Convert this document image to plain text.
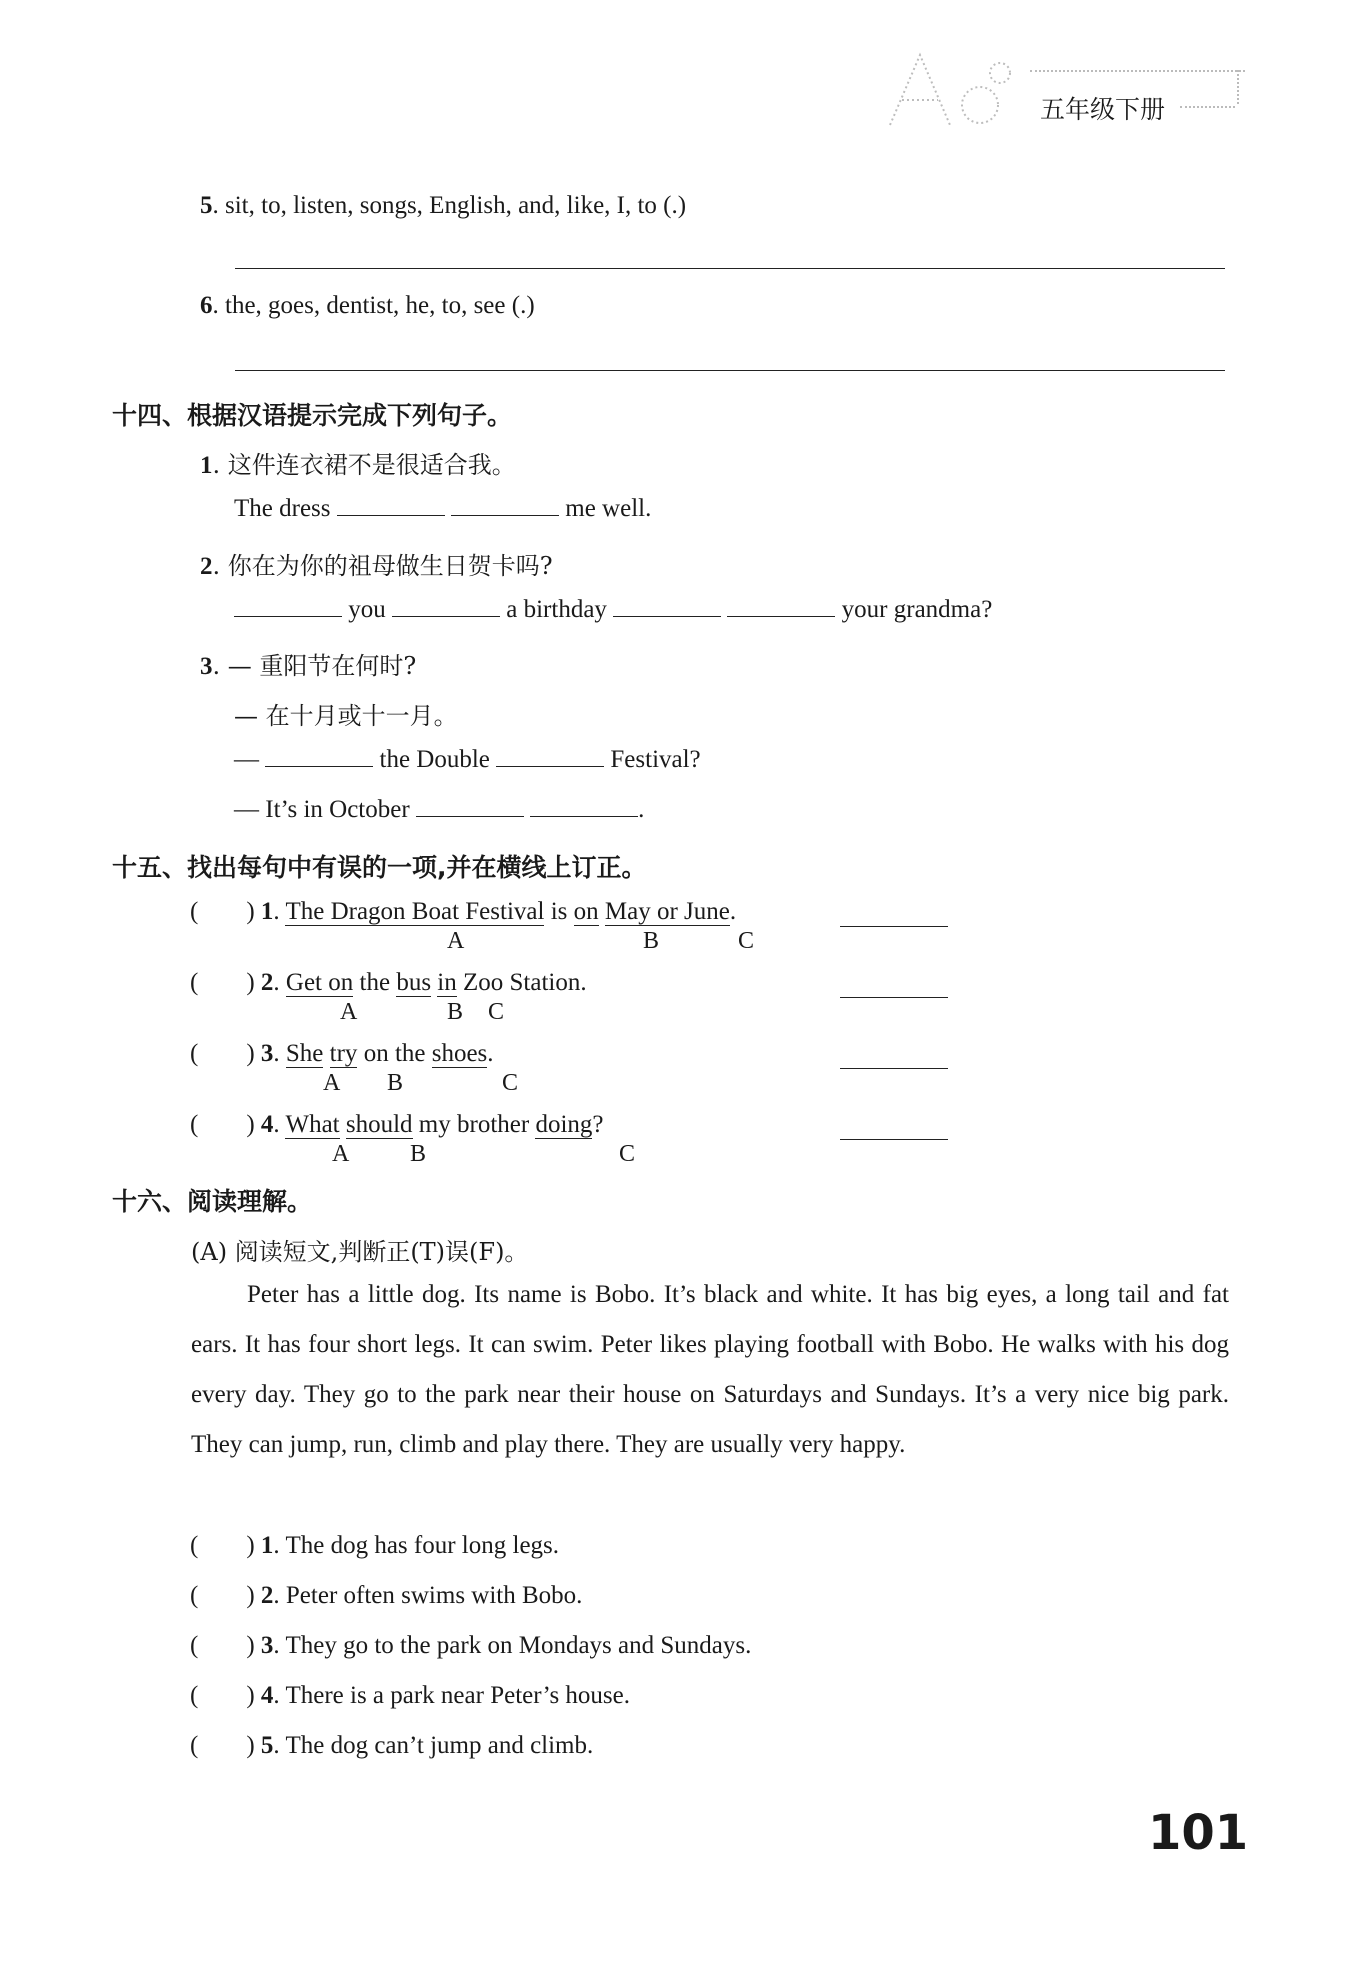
五年级下册
5. sit, to, listen, songs, English, and, like, I, to (.)
6. the, goes, dentist, he, to, see (.)
十四、根据汉语提示完成下列句子。
1. 这件连衣裙不是很适合我。
The dress	me well.
2. 你在为你的祖母做生日贺卡吗?
you	a birthday	your grandma?
3. — 重阳节在何时?
— 在十月或十一月。
—	the Double	Festival?
— It’s in October	.
十五、找出每句中有误的一项,并在横线上订正。
( ) 1. The Dragon Boat Festival is on May or June.
A	B	C
( ) 2. Get on the bus in Zoo Station.
A	B C
( ) 3. She try on the shoes.
A B	C
( ) 4. What should my brother doing?
A	B	C
十六、阅读理解。
(A) 阅读短文,判断正(T)误(F)。
Peter has a little dog. Its name is Bobo. It’s black and white. It has big eyes, a long tail and fat ears. It has four short legs. It can swim. Peter likes playing football with Bobo. He walks with his dog every day. They go to the park near their house on Saturdays and Sundays. It’s a very nice big park. They can jump, run, climb and play there. They are usually very happy.
( ) 1. The dog has four long legs.
( ) 2. Peter often swims with Bobo.
( ) 3. They go to the park on Mondays and Sundays.
( ) 4. There is a park near Peter’s house.
( ) 5. The dog can’t jump and climb.
101
